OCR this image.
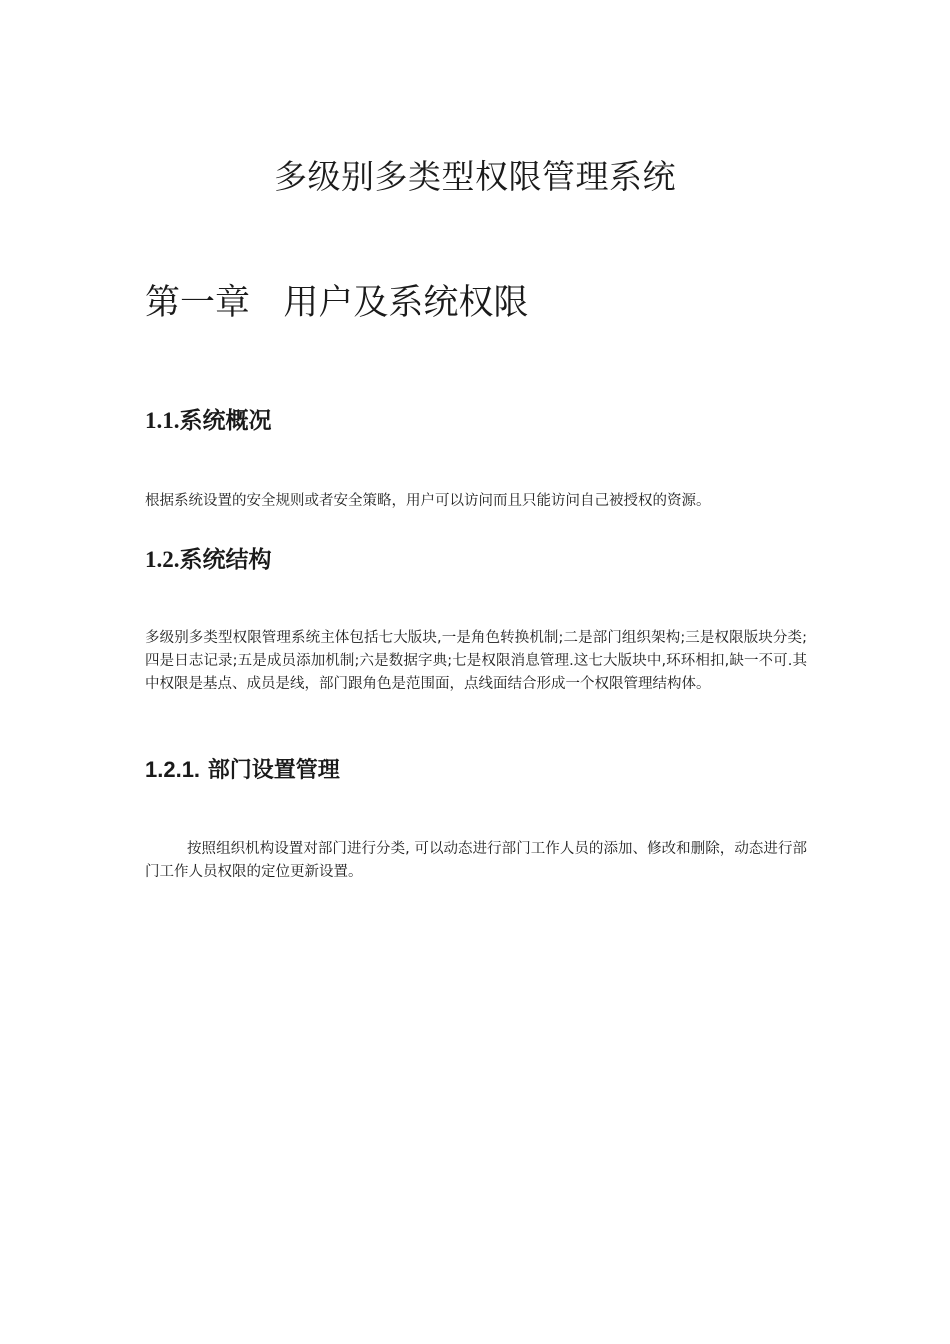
多级别多类型权限管理系统
第一章   用户及系统权限
1.1.系统概况

根据系统设置的安全规则或者安全策略，用户可以访问而且只能访问自己被授权的资源。

1.2.系统结构

多级别多类型权限管理系统主体包括七大版块,一是角色转换机制;二是部门组织架构;三是权限版块分类;四是日志记录;五是成员添加机制;六是数据字典;七是权限消息管理.这七大版块中,环环相扣,缺一不可.其中权限是基点、成员是线，部门跟角色是范围面，点线面结合形成一个权限管理结构体。

1.2.1. 部门设置管理

按照组织机构设置对部门进行分类, 可以动态进行部门工作人员的添加、修改和删除，动态进行部门工作人员权限的定位更新设置。
